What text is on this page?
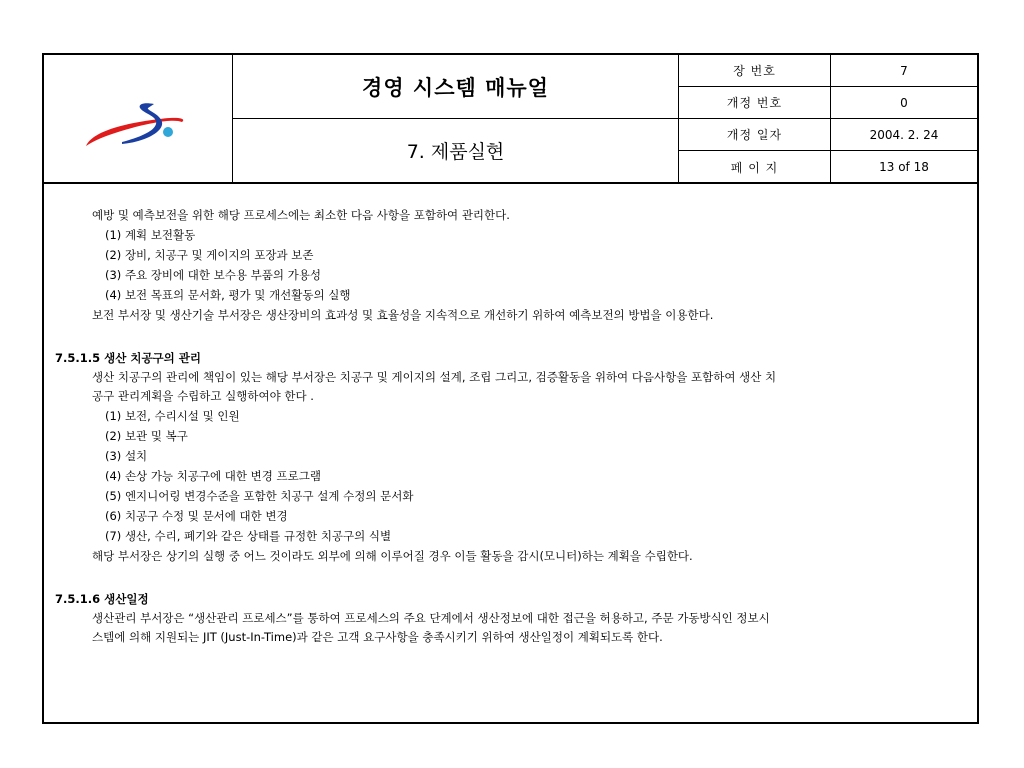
경영 시스템 매뉴얼
7. 제품실현
장 번호	7
개정 번호	0
개정 일자	2004. 2. 24
페 이 지	13 of 18
예방 및 예측보전을 위한 해당 프로세스에는 최소한 다음 사항을 포함하여 관리한다.
(1) 계획 보전활동
(2) 장비, 치공구 및 게이지의 포장과 보존
(3) 주요 장비에 대한 보수용 부품의 가용성
(4) 보전 목표의 문서화, 평가 및 개선활동의 실행
보전 부서장 및 생산기술 부서장은 생산장비의 효과성 및 효율성을 지속적으로 개선하기 위하여 예측보전의 방법을 이용한다.
7.5.1.5 생산 치공구의 관리
생산 치공구의 관리에 책임이 있는 해당 부서장은 치공구 및 게이지의 설계, 조립 그리고, 검증활동을 위하여 다음사항을 포함하여 생산 치
공구 관리계획을 수립하고 실행하여야 한다 .
(1) 보전, 수리시설 및 인원
(2) 보관 및 복구
(3) 설치
(4) 손상 가능 치공구에 대한 변경 프로그램
(5) 엔지니어링 변경수준을 포함한 치공구 설계 수정의 문서화
(6) 치공구 수정 및 문서에 대한 변경
(7) 생산, 수리, 폐기와 같은 상태를 규정한 치공구의 식별
해당 부서장은 상기의 실행 중 어느 것이라도 외부에 의해 이루어질 경우 이들 활동을 감시(모니터)하는 계획을 수립한다.
7.5.1.6 생산일정
생산관리 부서장은 “생산관리 프로세스”를 통하여 프로세스의 주요 단계에서 생산정보에 대한 접근을 허용하고, 주문 가동방식인 정보시
스템에 의해 지원되는 JIT (Just-In-Time)과 같은 고객 요구사항을 충족시키기 위하여 생산일정이 계획되도록 한다.
